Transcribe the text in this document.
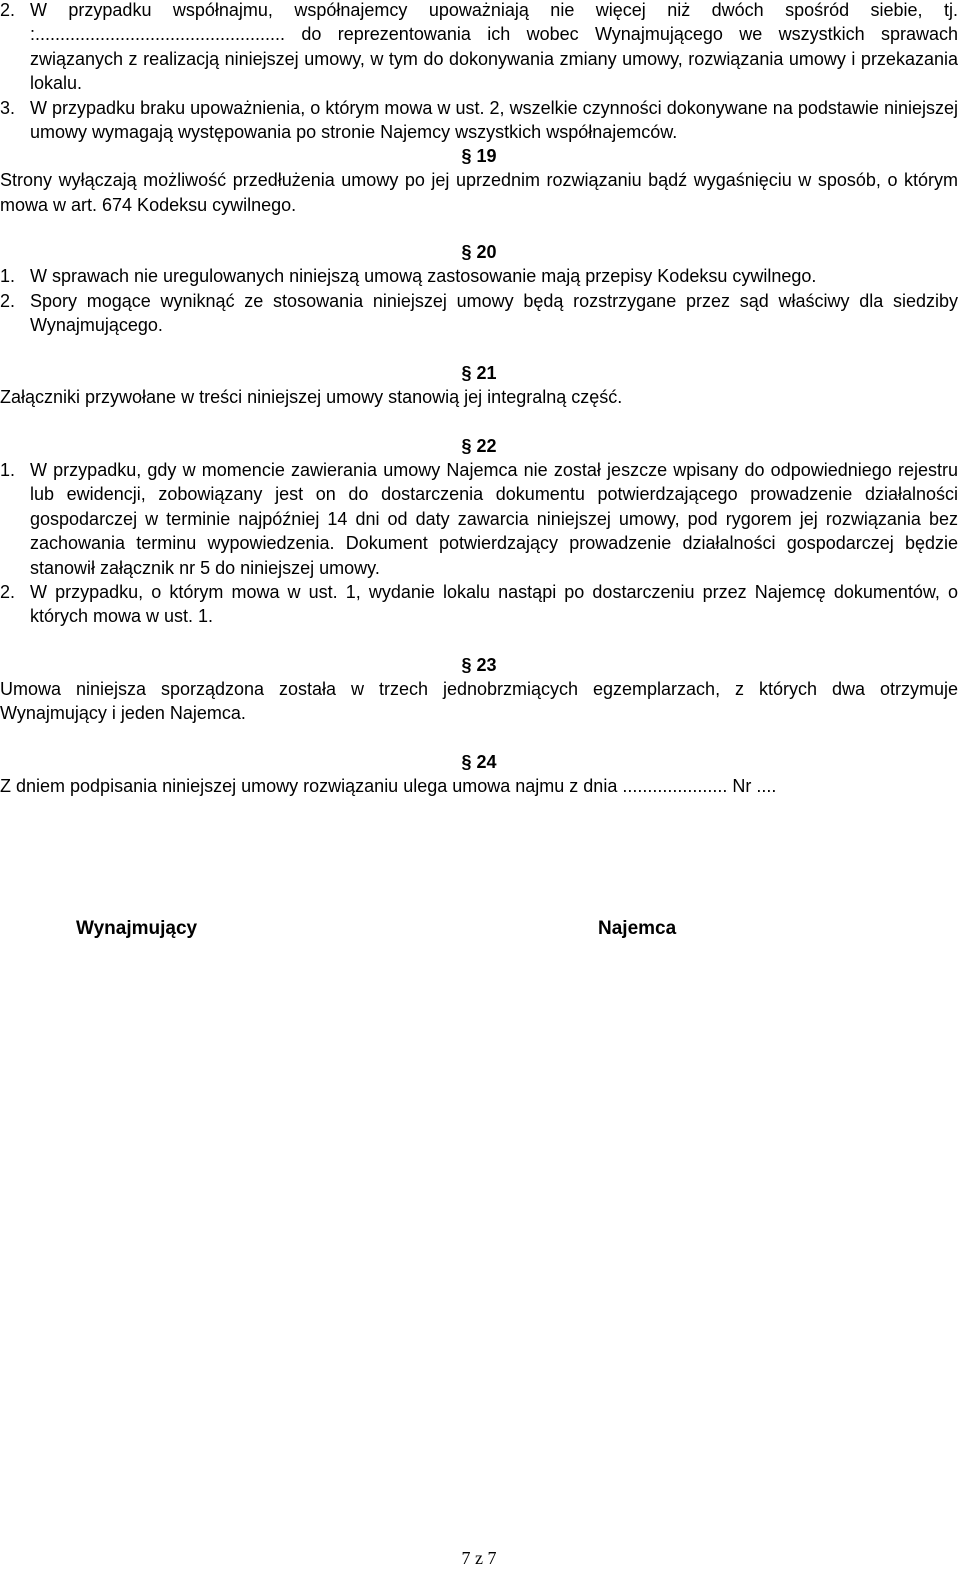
2. W przypadku współnajmu, współnajemcy upoważniają nie więcej niż dwóch spośród siebie, tj. :.................................................. do reprezentowania ich wobec Wynajmującego we wszystkich sprawach związanych z realizacją niniejszej umowy, w tym do dokonywania zmiany umowy, rozwiązania umowy i przekazania lokalu.
3. W przypadku braku upoważnienia, o którym mowa w ust. 2, wszelkie czynności dokonywane na podstawie niniejszej umowy wymagają występowania po stronie Najemcy wszystkich współnajemców.
§ 19
Strony wyłączają możliwość przedłużenia umowy po jej uprzednim rozwiązaniu bądź wygaśnięciu w sposób, o którym mowa w art. 674 Kodeksu cywilnego.
§ 20
1. W sprawach nie uregulowanych niniejszą umową zastosowanie mają przepisy Kodeksu cywilnego.
2. Spory mogące wyniknąć ze stosowania niniejszej umowy będą rozstrzygane przez sąd właściwy dla siedziby Wynajmującego.
§ 21
Załączniki przywołane w treści niniejszej umowy stanowią jej integralną część.
§ 22
1. W przypadku, gdy w momencie zawierania umowy Najemca nie został jeszcze wpisany do odpowiedniego rejestru lub ewidencji, zobowiązany jest on do dostarczenia dokumentu potwierdzającego prowadzenie działalności gospodarczej w terminie najpóźniej 14 dni od daty zawarcia niniejszej umowy, pod rygorem jej rozwiązania bez zachowania terminu wypowiedzenia. Dokument potwierdzający prowadzenie działalności gospodarczej będzie stanowił załącznik nr 5 do niniejszej umowy.
2. W przypadku, o którym mowa w ust. 1, wydanie lokalu nastąpi po dostarczeniu przez Najemcę dokumentów, o których mowa w ust. 1.
§ 23
Umowa niniejsza sporządzona została w trzech jednobrzmiących egzemplarzach, z których dwa otrzymuje Wynajmujący i jeden Najemca.
§ 24
Z dniem podpisania niniejszej umowy rozwiązaniu ulega umowa najmu z dnia ..................... Nr ....
Wynajmujący	Najemca
7 z 7
